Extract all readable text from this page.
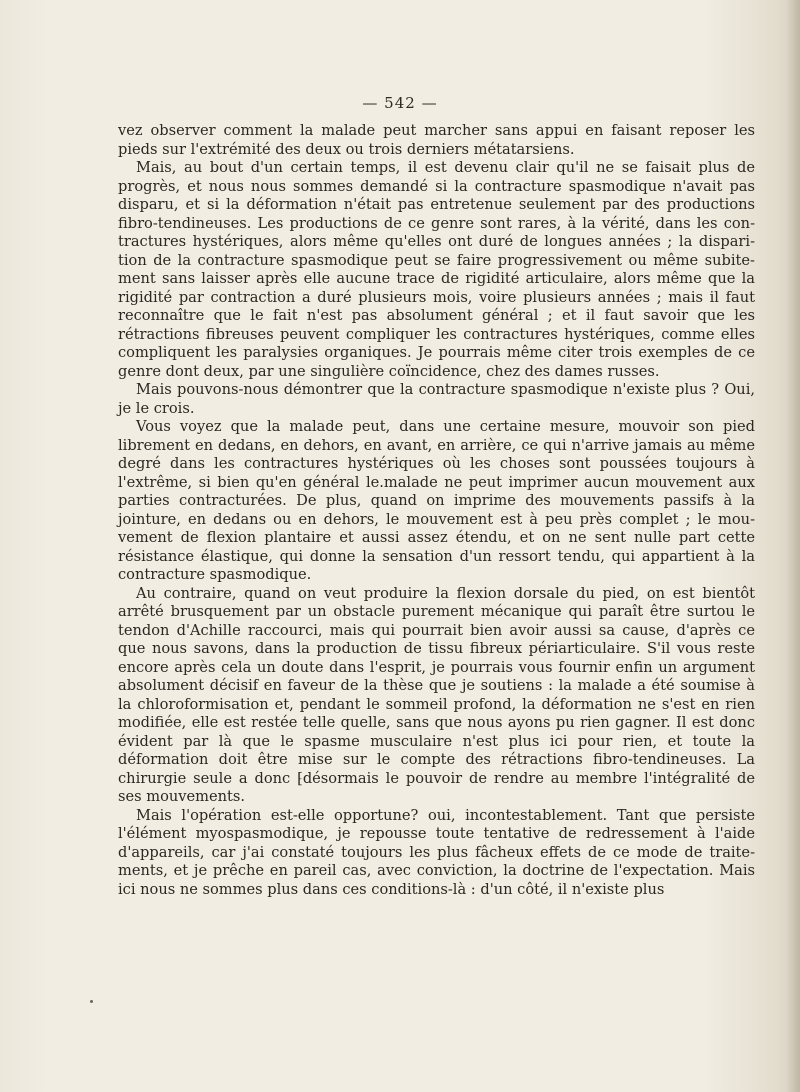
— 542 —

vez observer comment la malade peut marcher sans appui en faisant reposer les pieds sur l'extrémité des deux ou trois derniers métatarsiens.

Mais, au bout d'un certain temps, il est devenu clair qu'il ne se faisait plus de progrès, et nous nous sommes demandé si la contracture spasmodique n'avait pas disparu, et si la déformation n'était pas entretenue seulement par des productions fibro-tendineuses. Les productions de ce genre sont rares, à la vérité, dans les con- tractures hystériques, alors même qu'elles ont duré de longues années ; la dispari- tion de la contracture spasmodique peut se faire progressivement ou même subite- ment sans laisser après elle aucune trace de rigidité articulaire, alors même que la rigidité par contraction a duré plusieurs mois, voire plusieurs années ; mais il faut reconnaître que le fait n'est pas absolument général ; et il faut savoir que les rétractions fibreuses peuvent compliquer les contractures hystériques, comme elles compliquent les paralysies organiques. Je pourrais même citer trois exemples de ce genre dont deux, par une singulière coïncidence, chez des dames russes.

Mais pouvons-nous démontrer que la contracture spasmodique n'existe plus ? Oui, je le crois.

Vous voyez que la malade peut, dans une certaine mesure, mouvoir son pied librement en dedans, en dehors, en avant, en arrière, ce qui n'arrive jamais au même degré dans les contractures hystériques où les choses sont poussées toujours à l'extrême, si bien qu'en général le.malade ne peut imprimer aucun mouvement aux parties contracturées. De plus, quand on imprime des mouvements passifs à la jointure, en dedans ou en dehors, le mouvement est à peu près complet ; le mou- vement de flexion plantaire et aussi assez étendu, et on ne sent nulle part cette résistance élastique, qui donne la sensation d'un ressort tendu, qui appartient à la contracture spasmodique.

Au contraire, quand on veut produire la flexion dorsale du pied, on est bientôt arrêté brusquement par un obstacle purement mécanique qui paraît être surtou le tendon d'Achille raccourci, mais qui pourrait bien avoir aussi sa cause, d'après ce que nous savons, dans la production de tissu fibreux périarticulaire. S'il vous reste encore après cela un doute dans l'esprit, je pourrais vous fournir enfin un argument absolument décisif en faveur de la thèse que je soutiens : la malade a été soumise à la chloroformisation et, pendant le sommeil profond, la déformation ne s'est en rien modifiée, elle est restée telle quelle, sans que nous ayons pu rien gagner. Il est donc évident par là que le spasme musculaire n'est plus ici pour rien, et toute la déformation doit être mise sur le compte des rétractions fibro-tendineuses. La chirurgie seule a donc ⁅désormais le pouvoir de rendre au membre l'intégralité de ses mouvements.

Mais l'opération est-elle opportune? oui, incontestablement. Tant que persiste l'élément myospasmodique, je repousse toute tentative de redressement à l'aide d'appareils, car j'ai constaté toujours les plus fâcheux effets de ce mode de traite- ments, et je prêche en pareil cas, avec conviction, la doctrine de l'expectation. Mais ici nous ne sommes plus dans ces conditions-là : d'un côté, il n'existe plus
